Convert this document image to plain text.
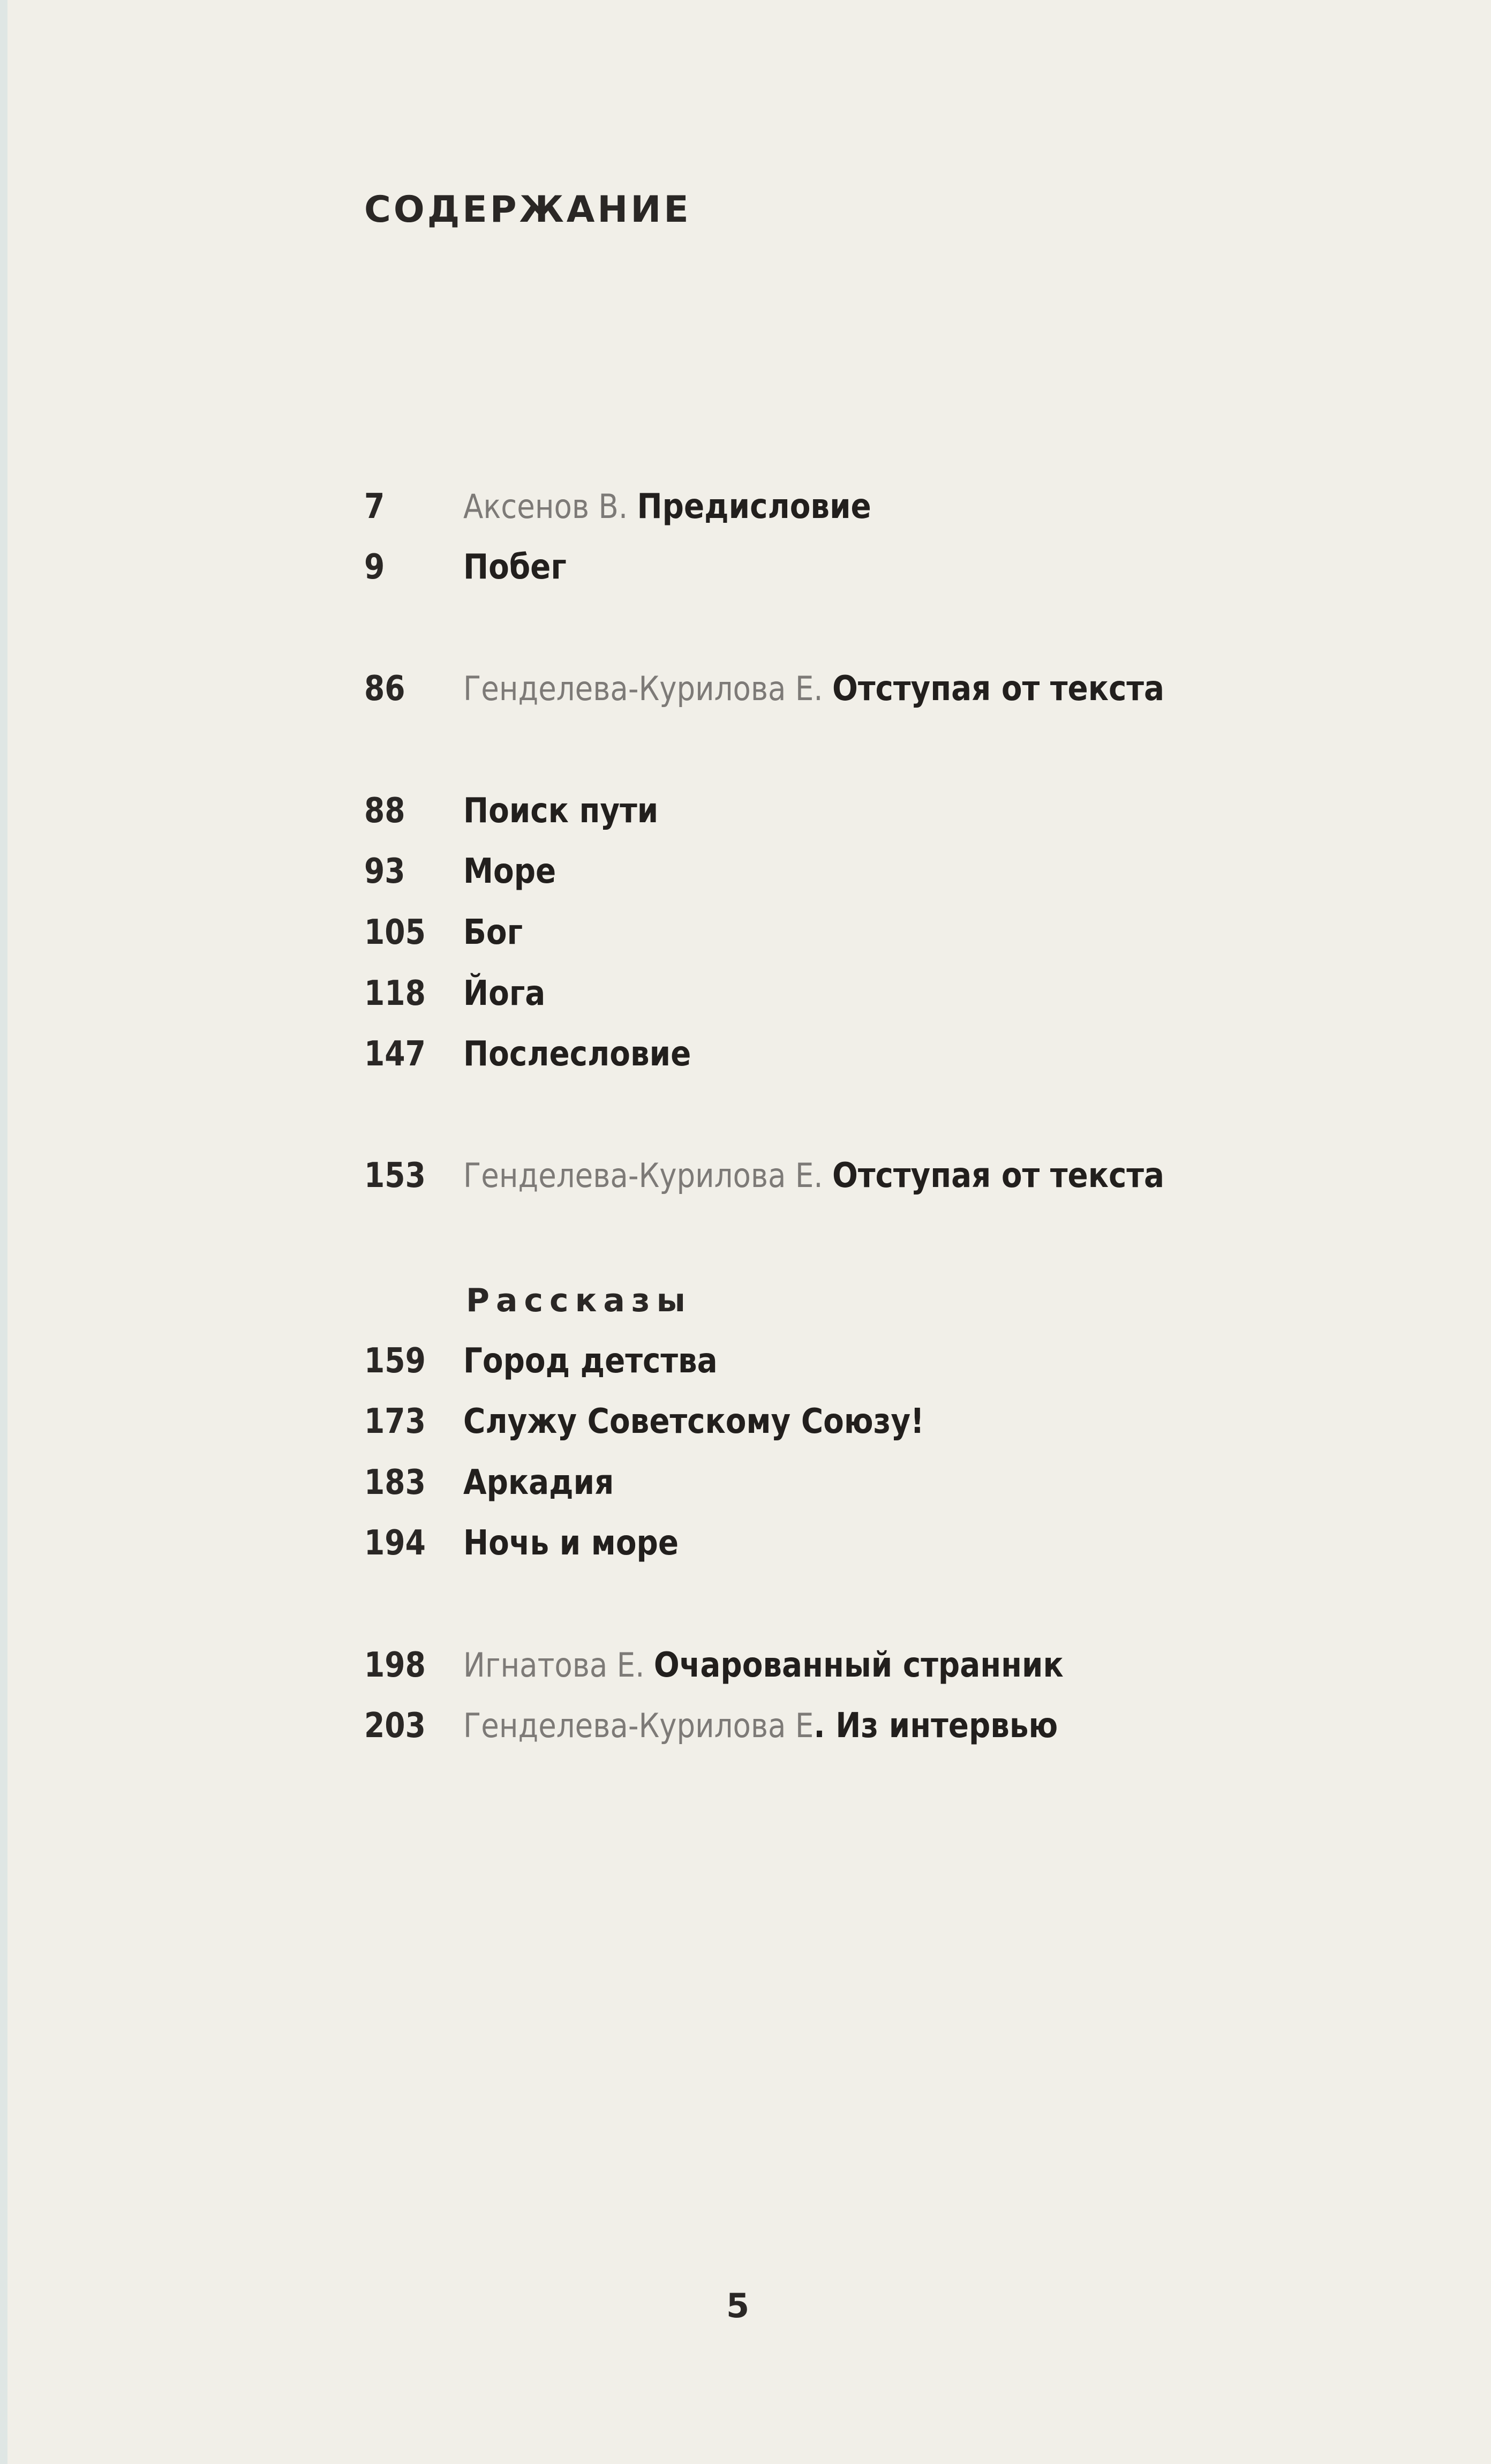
СОДЕРЖАНИЕ
7	Аксенов В. Предисловие
9	Побег
86	Генделева-Курилова Е. Отступая от текста
88	Поиск пути
93	Море
105	Бог
118	Йога
147	Послесловие
153	Генделева-Курилова Е. Отступая от текста
Рассказы
159	Город детства
173	Служу Советскому Союзу!
183	Аркадия
194	Ночь и море
198	Игнатова Е. Очарованный странник
203	Генделева-Курилова Е. Из интервью
5
